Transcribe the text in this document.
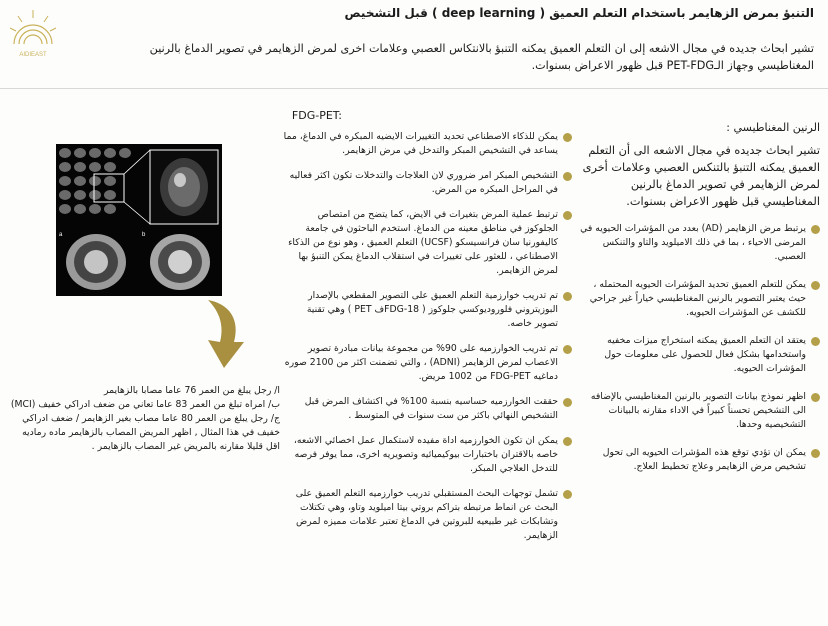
AIDIEAST
التنبؤ بمرض الزهايمر باستخدام التعلم العميق ( deep learning ) قبل التشخيص
تشير ابحاث جديده في مجال الاشعه إلى ان التعلم العميق يمكنه التنبؤ بالانتكاس العصبي وعلامات اخرى لمرض الزهايمر في تصوير الدماغ بالرنين المغناطيسي وجهاز الـPET-FDG قبل ظهور الاعراض بسنوات.
الرنين المغناطيسي :
تشير ابحاث جديده في مجال الاشعه الى أن التعلم العميق يمكنه التنبؤ بالتنكس العصبي وعلامات أخرى لمرض الزهايمر في تصوير الدماغ بالرنين المغناطيسي قبل ظهور الاعراض بسنوات.
يرتبط مرض الزهايمر (AD) بعدد من المؤشرات الحيويه في المرضى الاحياء ، بما في ذلك الاميلويد والتاو والتنكس العصبي.
يمكن للتعلم العميق تحديد المؤشرات الحيويه المحتمله ، حيث يعتبر التصوير بالرنين المغناطيسي خياراً غير جراحي للكشف عن المؤشرات الحيويه.
يعتقد ان التعلم العميق يمكنه استخراج ميزات مخفيه واستخدامها بشكل فعال للحصول على معلومات حول المؤشرات الحيويه.
اظهر نموذج بيانات التصوير بالرنين المغناطيسي بالإضافه الى التشخيص تحسناً كبيراً في الاداء مقارنه بالبيانات التشخيصيه وحدها.
يمكن ان تؤدي توقع هذه المؤشرات الحيويه الى تحول تشخيص مرض الزهايمر وعلاج تخطيط العلاج.
FDG-PET:
يمكن للذكاء الاصطناعي تحديد التغييرات الايضيه المبكره في الدماغ، مما يساعد في التشخيص المبكر والتدخل في مرض الزهايمر.
التشخيص المبكر امر ضروري لان العلاجات والتدخلات تكون اكثر فعاليه في المراحل المبكره من المرض.
ترتبط عملية المرض بتغيرات في الايض، كما يتضح من امتصاص الجلوكوز في مناطق معينه من الدماغ. استخدم الباحثون في جامعة كاليفورنيا سان فرانسيسكو (UCSF) التعلم العميق ، وهو نوع من الذكاء الاصطناعي ، للعثور على تغييرات في استقلاب الدماغ يمكن التنبؤ بها لمرض الزهايمر.
تم تدريب خوارزمية التعلم العميق على التصوير المقطعي بالإصدار البوزيتروني فلوروديوكسي جلوكوز ( FDG-18ف PET ) وهي تقنية تصوير خاصه.
تم تدريب الخوارزميه على 90% من مجموعة بيانات مبادرة تصوير الاعصاب لمرض الزهايمر (ADNI) ، والتي تضمنت اكثر من 2100 صوره دماغيه FDG-PET من 1002 مريض.
حققت الخوارزميه حساسيه بنسبة 100% في اكتشاف المرض قبل التشخيص النهائي باكثر من ست سنوات في المتوسط .
يمكن ان تكون الخوارزميه اداة مفيده لاستكمال عمل اخصائي الاشعه، خاصه بالاقتران باختبارات بيوكيميائيه وتصويريه اخرى، مما يوفر فرصه للتدخل العلاجي المبكر.
تشمل توجهات البحث المستقبلي تدريب خوارزميه التعلم العميق على البحث عن انماط مرتبطه بتراكم بروتي بيتا اميلويد وتاو، وهي تكتلات وتشابكات غير طبيعيه للبروتين في الدماغ تعتبر علامات مميزه لمرض الزهايمر.
a	b

ا/ رجل يبلغ من العمر 76 عاما مصابا بالزهايمر

ب/ امراه تبلغ من العمر 83 عاما تعاني من ضعف ادراكي خفيف (MCI)

ج/ رجل يبلغ من العمر 80 عاما مصاب بغير الزهايمر / ضعف ادراكي خفيف في هذا المثال , اظهر المريض المصاب بالزهايمر ماده رماديه اقل قليلا مقارنه بالمريض غير المصاب بالزهايمر .
